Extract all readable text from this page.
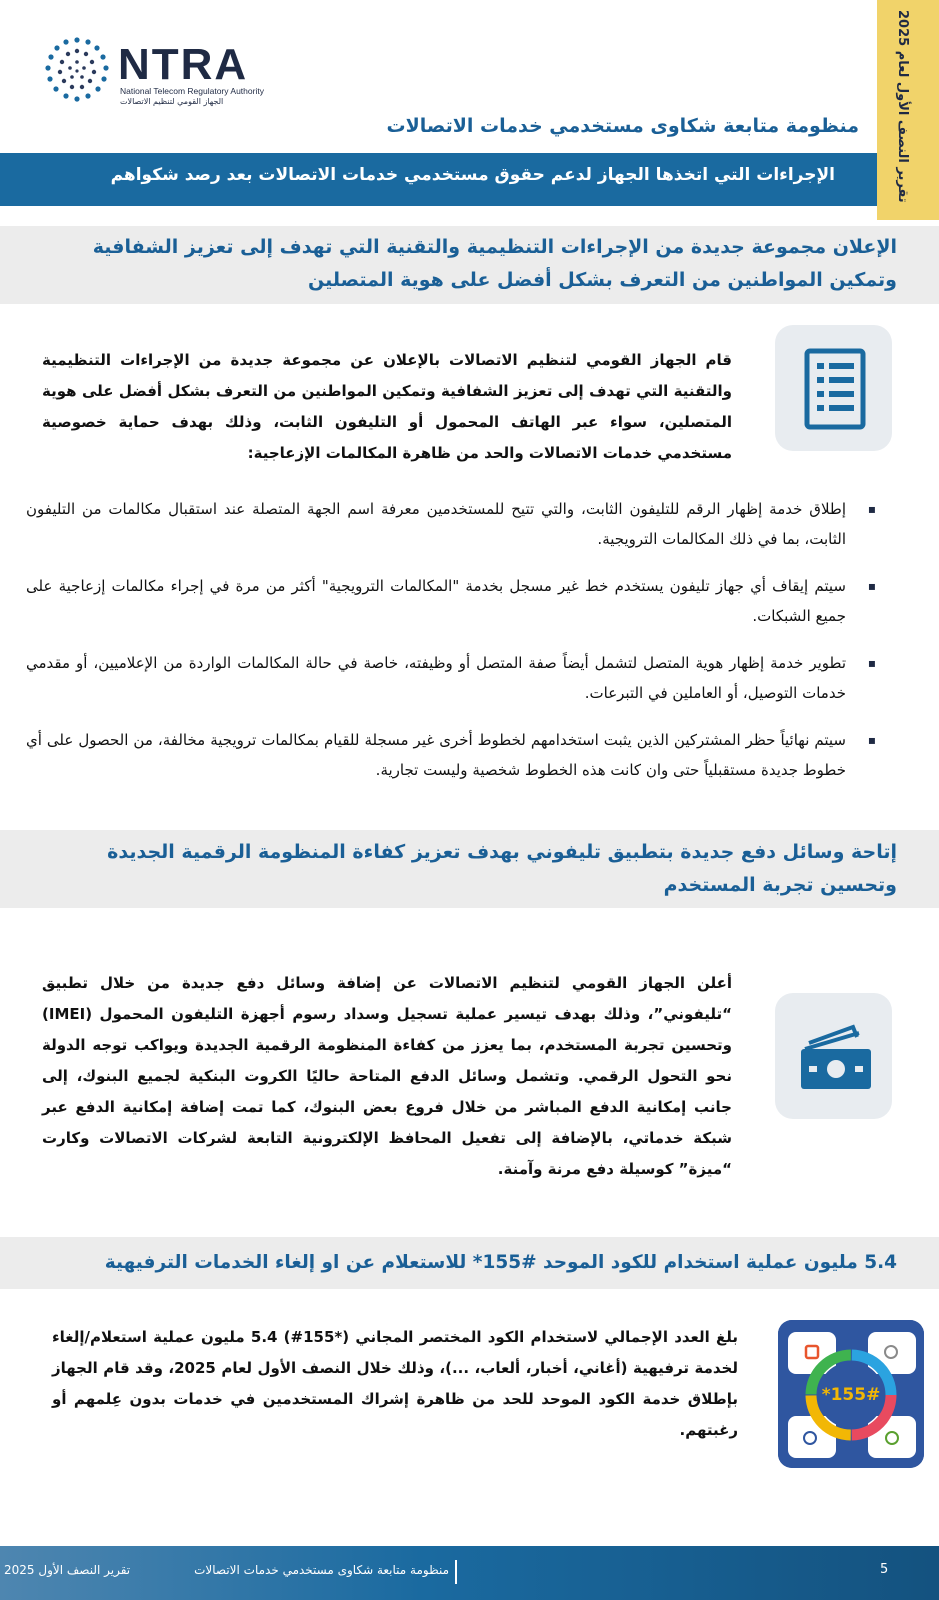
NTRA
National Telecom Regulatory Authority
الجهاز القومي لتنظيم الاتصالات
منظومة متابعة شكاوى مستخدمي خدمات الاتصالات
تقرير النصف الأول لعام 2025
الإجراءات التي اتخذها الجهاز لدعم حقوق مستخدمي خدمات الاتصالات بعد رصد شكواهم
الإعلان مجموعة جديدة من الإجراءات التنظيمية والتقنية التي تهدف إلى تعزيز الشفافية
وتمكين المواطنين من التعرف بشكل أفضل على هوية المتصلين

قام الجهاز القومي لتنظيم الاتصالات بالإعلان عن مجموعة جديدة من الإجراءات التنظيمية والتقنية التي تهدف إلى تعزيز الشفافية وتمكين المواطنين من التعرف بشكل أفضل على هوية المتصلين، سواء عبر الهاتف المحمول أو التليفون الثابت، وذلك بهدف حماية خصوصية مستخدمي خدمات الاتصالات والحد من ظاهرة المكالمات الإزعاجية:

▪ إطلاق خدمة إظهار الرقم للتليفون الثابت، والتي تتيح للمستخدمين معرفة اسم الجهة المتصلة عند استقبال مكالمات من التليفون الثابت، بما في ذلك المكالمات الترويجية.
▪ سيتم إيقاف أي جهاز تليفون يستخدم خط غير مسجل بخدمة "المكالمات الترويجية" أكثر من مرة في إجراء مكالمات إزعاجية على جميع الشبكات.
▪ تطوير خدمة إظهار هوية المتصل لتشمل أيضاً صفة المتصل أو وظيفته، خاصة في حالة المكالمات الواردة من الإعلاميين، أو مقدمي خدمات التوصيل، أو العاملين في التبرعات.
▪ سيتم نهائياً حظر المشتركين الذين يثبت استخدامهم لخطوط أخرى غير مسجلة للقيام بمكالمات ترويجية مخالفة، من الحصول على أي خطوط جديدة مستقبلياً حتى وان كانت هذه الخطوط شخصية وليست تجارية.
إتاحة وسائل دفع جديدة بتطبيق تليفوني بهدف تعزيز كفاءة المنظومة الرقمية الجديدة
وتحسين تجربة المستخدم

أعلن الجهاز القومي لتنظيم الاتصالات عن إضافة وسائل دفع جديدة من خلال تطبيق “تليفوني”، وذلك بهدف تيسير عملية تسجيل وسداد رسوم أجهزة التليفون المحمول (IMEI) وتحسين تجربة المستخدم، بما يعزز من كفاءة المنظومة الرقمية الجديدة ويواكب توجه الدولة نحو التحول الرقمي. وتشمل وسائل الدفع المتاحة حاليًا الكروت البنكية لجميع البنوك، إلى جانب إمكانية الدفع المباشر من خلال فروع بعض البنوك، كما تمت إضافة إمكانية الدفع عبر شبكة خدماتي، بالإضافة إلى تفعيل المحافظ الإلكترونية التابعة لشركات الاتصالات وكارت “ميزة” كوسيلة دفع مرنة وآمنة.

5.4 مليون عملية استخدام للكود الموحد #155* للاستعلام عن او إلغاء الخدمات الترفيهية
*155#

بلغ العدد الإجمالي لاستخدام الكود المختصر المجاني (*155#) 5.4 مليون عملية استعلام/إلغاء لخدمة ترفيهية (أغاني، أخبار، ألعاب، ...)، وذلك خلال النصف الأول لعام 2025، وقد قام الجهاز بإطلاق خدمة الكود الموحد للحد من ظاهرة إشراك المستخدمين في خدمات بدون عِلمهم أو رغبتهم.

5
منظومة متابعة شكاوى مستخدمي خدمات الاتصالات
تقرير النصف الأول 2025
